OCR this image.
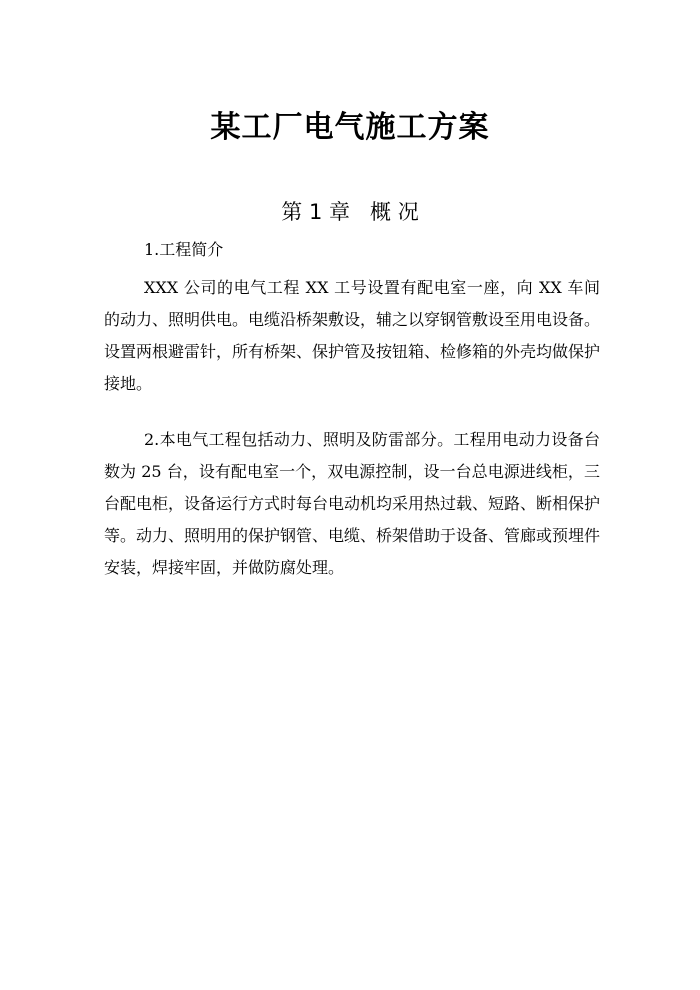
某工厂电气施工方案
第 1 章   概 况
1.工程简介
XXX 公司的电气工程 XX 工号设置有配电室一座，向 XX 车间的动力、照明供电。电缆沿桥架敷设，辅之以穿钢管敷设至用电设备。设置两根避雷针，所有桥架、保护管及按钮箱、检修箱的外壳均做保护接地。
2.本电气工程包括动力、照明及防雷部分。工程用电动力设备台数为 25 台，设有配电室一个，双电源控制，设一台总电源进线柜，三台配电柜，设备运行方式时每台电动机均采用热过载、短路、断相保护等。动力、照明用的保护钢管、电缆、桥架借助于设备、管廊或预埋件安装，焊接牢固，并做防腐处理。
